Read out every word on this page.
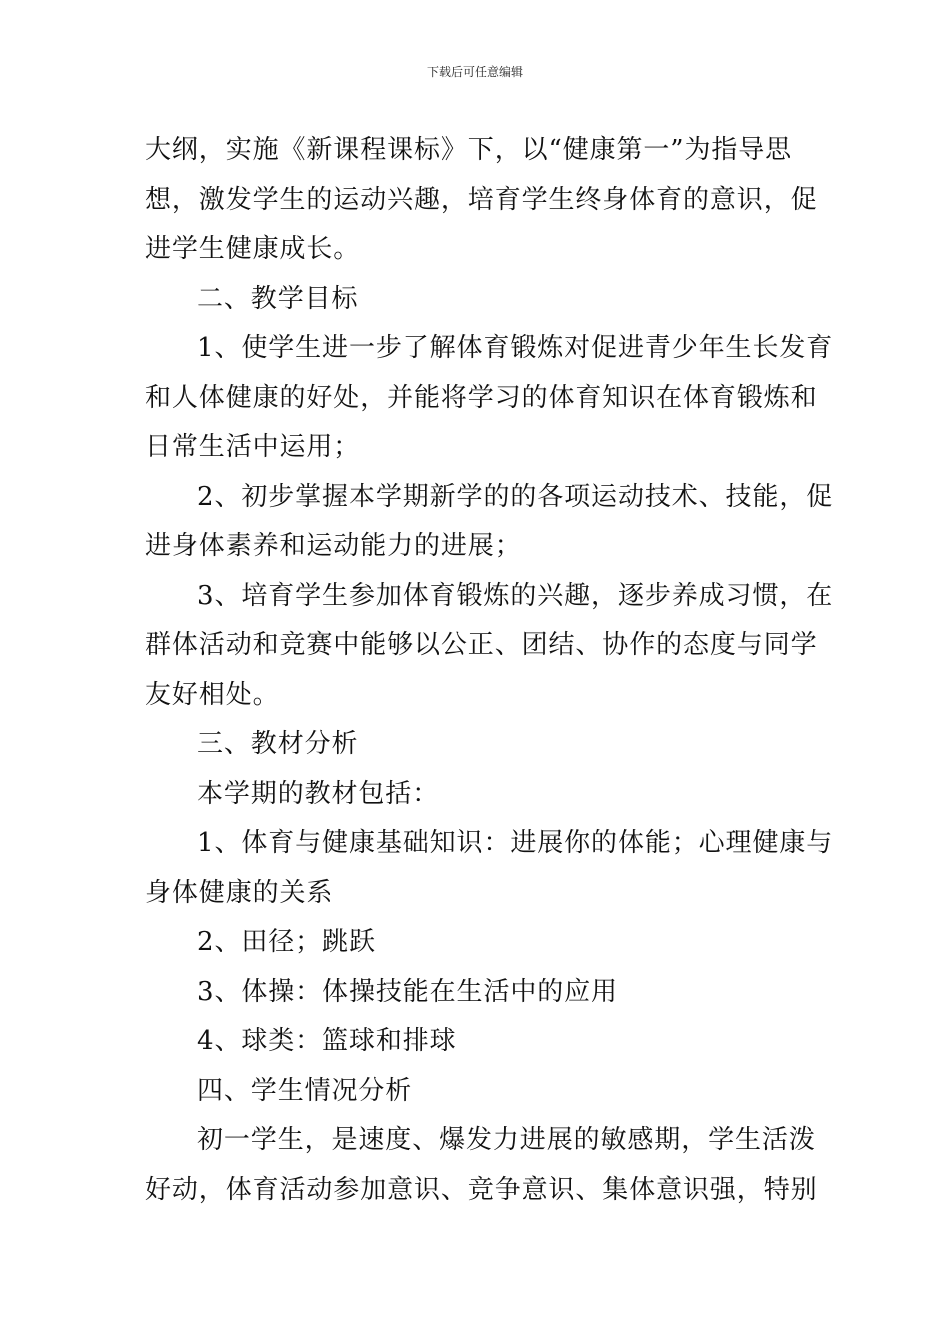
下载后可任意编辑

大纲，实施《新课程课标》下，以“健康第一”为指导思

想，激发学生的运动兴趣，培育学生终身体育的意识，促

进学生健康成长。

二、教学目标

1、使学生进一步了解体育锻炼对促进青少年生长发育

和人体健康的好处，并能将学习的体育知识在体育锻炼和

日常生活中运用；

2、初步掌握本学期新学的的各项运动技术、技能，促

进身体素养和运动能力的进展；

3、培育学生参加体育锻炼的兴趣，逐步养成习惯，在

群体活动和竞赛中能够以公正、团结、协作的态度与同学

友好相处。

三、教材分析

本学期的教材包括：

1、体育与健康基础知识：进展你的体能；心理健康与

身体健康的关系

2、田径；跳跃

3、体操：体操技能在生活中的应用

4、球类：篮球和排球

四、学生情况分析

初一学生，是速度、爆发力进展的敏感期，学生活泼

好动，体育活动参加意识、竞争意识、集体意识强，特别
